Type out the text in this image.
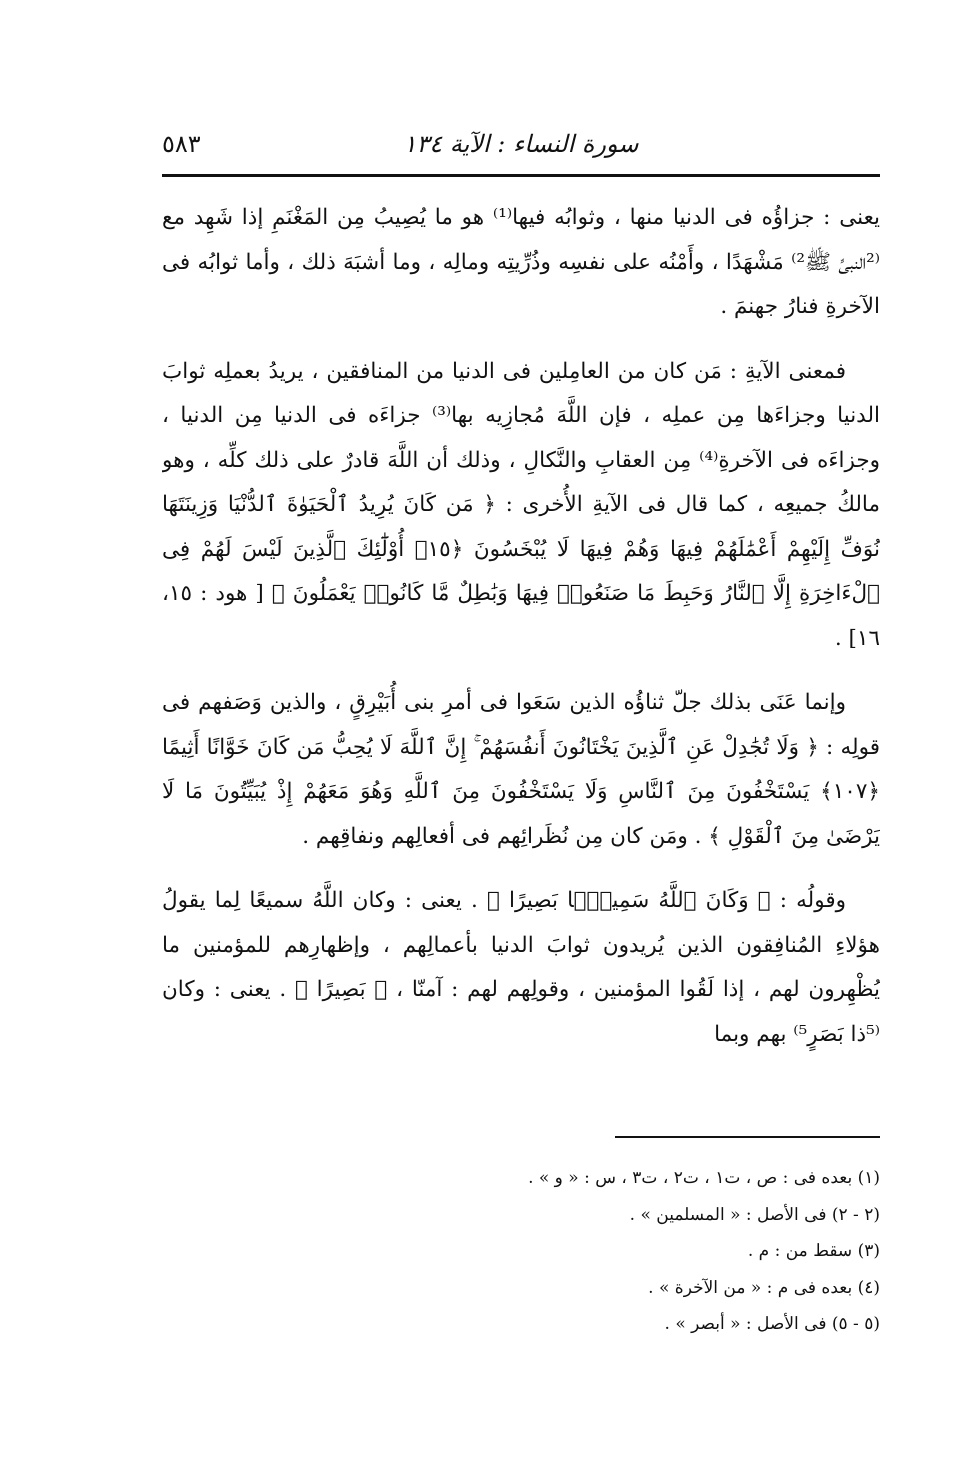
سورة النساء : الآية ١٣٤
٥٨٣

يعنى : جزاؤُه فى الدنيا منها ، وثوابُه فيها⁽¹⁾ هو ما يُصِيبُ مِن المَغْنَمِ إذا شَهِد مع ⁽²النبىِّ ﷺ²⁾ مَشْهَدًا ، وأَمْنُه على نفسِه وذُرِّيتِه ومالِه ، وما أشبَهَ ذلك ، وأما ثوابُه فى الآخرةِ فنارُ جهنمَ .

فمعنى الآيةِ : مَن كان من العامِلين فى الدنيا من المنافقين ، يريدُ بعملِه ثوابَ الدنيا وجزاءَها مِن عملِه ، فإن اللَّهَ مُجازِيه بها⁽³⁾ جزاءَه فى الدنيا مِن الدنيا ، وجزاءَه فى الآخرةِ⁽⁴⁾ مِن العقابِ والنَّكالِ ، وذلك أن اللَّهَ قادرٌ على ذلك كلِّه ، وهو مالكُ جميعِه ، كما قال فى الآيةِ الأُخرى : ﴿ مَن كَانَ يُرِيدُ ٱلْحَيَوٰةَ ٱلدُّنْيَا وَزِينَتَهَا نُوَفِّ إِلَيْهِمْ أَعْمَٰلَهُمْ فِيهَا وَهُمْ فِيهَا لَا يُبْخَسُونَ ﴿١٥﴾ أُوْلَٰٓئِكَ ٱلَّذِينَ لَيْسَ لَهُمْ فِى ٱلْءَاخِرَةِ إِلَّا ٱلنَّارُ وَحَبِطَ مَا صَنَعُوا۟ فِيهَا وَبَٰطِلٌ مَّا كَانُوا۟ يَعْمَلُونَ ﴾ [ هود : ١٥، ١٦] .

وإنما عَنَى بذلك جلّ ثناؤُه الذين سَعَوا فى أمرِ بنى أُبَيْرِقٍ ، والذين وَصَفهم فى قولِه : ﴿ وَلَا تُجَٰدِلْ عَنِ ٱلَّذِينَ يَخْتَانُونَ أَنفُسَهُمْ ۚ إِنَّ ٱللَّهَ لَا يُحِبُّ مَن كَانَ خَوَّانًا أَثِيمًا ﴿١٠٧﴾ يَسْتَخْفُونَ مِنَ ٱلنَّاسِ وَلَا يَسْتَخْفُونَ مِنَ ٱللَّهِ وَهُوَ مَعَهُمْ إِذْ يُبَيِّتُونَ مَا لَا يَرْضَىٰ مِنَ ٱلْقَوْلِ ﴾ . ومَن كان مِن نُظَرائِهم فى أفعالِهم ونفاقِهم .

وقولُه : ﴿ وَكَانَ ٱللَّهُ سَمِيعًۢا بَصِيرًا ﴾ . يعنى : وكان اللَّهُ سميعًا لِما يقولُ هؤلاءِ المُنافِقون الذين يُريدون ثوابَ الدنيا بأعمالِهم ، وإظهارِهم للمؤمنين ما يُظْهِرون لهم ، إذا لَقُوا المؤمنين ، وقولِهم لهم : آمنّا ، ﴿ بَصِيرًا ﴾ . يعنى : وكان ⁽⁵ذا بَصَرٍ⁵⁾ بهم وبما

(١) بعده فى : ص ، ت١ ، ت٢ ، ت٣ ، س : « و » .

(٢ - ٢) فى الأصل : « المسلمين » .

(٣) سقط من : م .

(٤) بعده فى م : « من الآخرة » .

(٥ - ٥) فى الأصل : « أبصر » .
